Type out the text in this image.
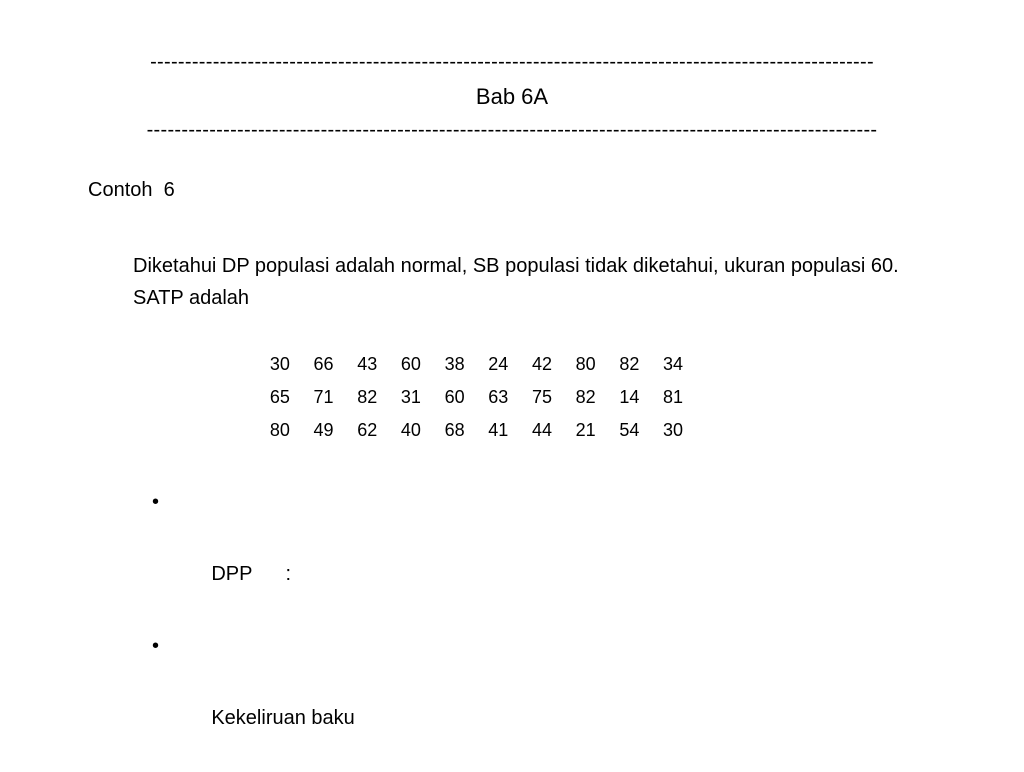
--------------------------------------------------------------------------------------------------------
Bab 6A
---------------------------------------------------------------------------------------------------------
Contoh  6
Diketahui DP populasi adalah normal, SB populasi tidak diketahui, ukuran populasi 60. SATP adalah
30	66	43	60	38	24	42	80	82	34
65	71	82	31	60	63	75	82	14	81
80	49	62	40	68	41	44	21	54	30

•

DPP      :

•

Kekeliruan baku
